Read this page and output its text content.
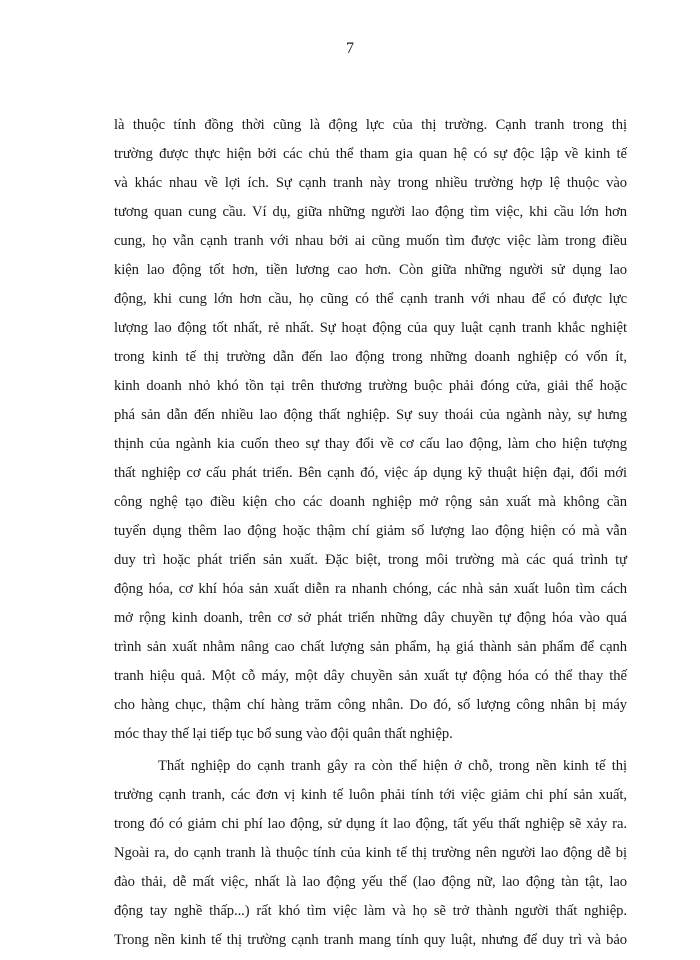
7
là thuộc tính đồng thời cũng là động lực của thị trường. Cạnh tranh trong thị
trường được thực hiện bởi các chủ thể tham gia quan hệ có sự độc lập về kinh tế
và khác nhau về lợi ích. Sự cạnh tranh này trong nhiều trường hợp lệ thuộc vào
tương quan cung cầu. Ví dụ, giữa những người lao động tìm việc, khi cầu lớn hơn
cung, họ vẫn cạnh tranh với nhau bởi ai cũng muốn tìm được việc làm trong điều
kiện lao động tốt hơn, tiền lương cao hơn. Còn giữa những người sử dụng lao
động, khi cung lớn hơn cầu, họ cũng có thể cạnh tranh với nhau để có được lực
lượng lao động tốt nhất, rẻ nhất. Sự hoạt động của quy luật cạnh tranh khắc nghiệt
trong kinh tế thị trường dẫn đến lao động trong những doanh nghiệp có vốn ít,
kinh doanh nhỏ khó tồn tại trên thương trường buộc phải đóng cửa, giải thể hoặc
phá sản dẫn đến nhiều lao động thất nghiệp. Sự suy thoái của ngành này, sự hưng
thịnh của ngành kia cuốn theo sự thay đổi về cơ cấu lao động, làm cho hiện tượng
thất nghiệp cơ cấu phát triển. Bên cạnh đó, việc áp dụng kỹ thuật hiện đại, đổi mới
công nghệ tạo điều kiện cho các doanh nghiệp mở rộng sản xuất mà không cần
tuyển dụng thêm lao động hoặc thậm chí giảm số lượng lao động hiện có mà vẫn
duy trì hoặc phát triển sản xuất. Đặc biệt, trong môi trường mà các quá trình tự
động hóa, cơ khí hóa sản xuất diễn ra nhanh chóng, các nhà sản xuất luôn tìm cách
mở rộng kinh doanh, trên cơ sở phát triển những dây chuyền tự động hóa vào quá
trình sản xuất nhằm nâng cao chất lượng sản phẩm, hạ giá thành sản phẩm để cạnh
tranh hiệu quả. Một cỗ máy, một dây chuyền sản xuất tự động hóa có thể thay thế
cho hàng chục, thậm chí hàng trăm công nhân. Do đó, số lượng công nhân bị máy
móc thay thế lại tiếp tục bổ sung vào đội quân thất nghiệp.
Thất nghiệp do cạnh tranh gây ra còn thể hiện ở chỗ, trong nền kinh tế thị
trường cạnh tranh, các đơn vị kinh tế luôn phải tính tới việc giảm chi phí sản xuất,
trong đó có giảm chi phí lao động, sử dụng ít lao động, tất yếu thất nghiệp sẽ xảy ra.
Ngoài ra, do cạnh tranh là thuộc tính của kinh tế thị trường nên người lao động dễ bị
đào thải, dễ mất việc, nhất là lao động yếu thế (lao động nữ, lao động tàn tật, lao
động tay nghề thấp...) rất khó tìm việc làm và họ sẽ trở thành người thất nghiệp.
Trong nền kinh tế thị trường cạnh tranh mang tính quy luật, nhưng để duy trì và bảo
